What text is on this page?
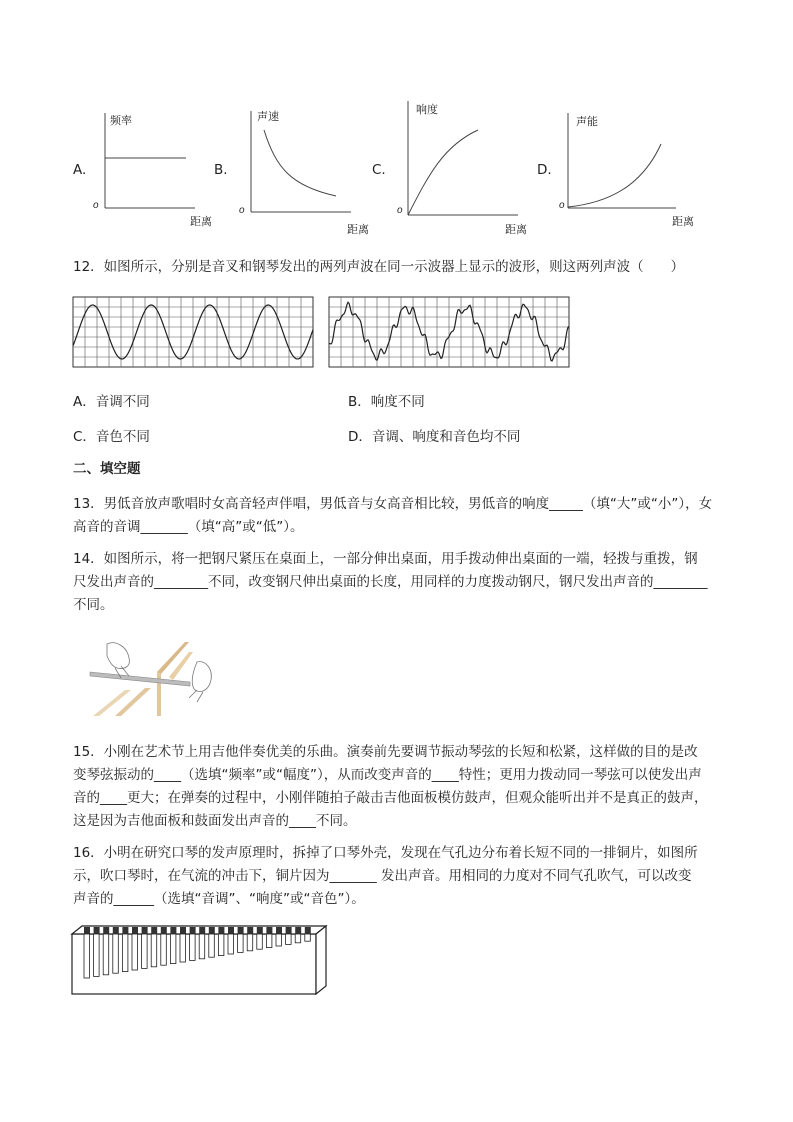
A.
频率
距离
o
B.
声速
距离
o
C.
响度
距离
o
D.
声能
距离
o
12．如图所示，分别是音叉和钢琴发出的两列声波在同一示波器上显示的波形，则这两列声波（　　）
A．音调不同	B．响度不同
C．音色不同	D．音调、响度和音色均不同
二、填空题
13．男低音放声歌唱时女高音轻声伴唱，男低音与女高音相比较，男低音的响度_____（填“大”或“小”），女
高音的音调_______（填“高”或“低”）。
14．如图所示，将一把钢尺紧压在桌面上，一部分伸出桌面，用手拨动伸出桌面的一端，轻拨与重拨，钢
尺发出声音的________不同，改变钢尺伸出桌面的长度，用同样的力度拨动钢尺，钢尺发出声音的________
不同。
15．小刚在艺术节上用吉他伴奏优美的乐曲。演奏前先要调节振动琴弦的长短和松紧，这样做的目的是改
变琴弦振动的____（选填“频率”或“幅度”），从而改变声音的____特性；更用力拨动同一琴弦可以使发出声
音的____更大；在弹奏的过程中，小刚伴随拍子敲击吉他面板模仿鼓声，但观众能听出并不是真正的鼓声，
这是因为吉他面板和鼓面发出声音的____不同。
16．小明在研究口琴的发声原理时，拆掉了口琴外壳，发现在气孔边分布着长短不同的一排铜片，如图所
示，吹口琴时，在气流的冲击下，铜片因为_______ 发出声音。用相同的力度对不同气孔吹气，可以改变
声音的______（选填“音调”、“响度”或“音色”）。
